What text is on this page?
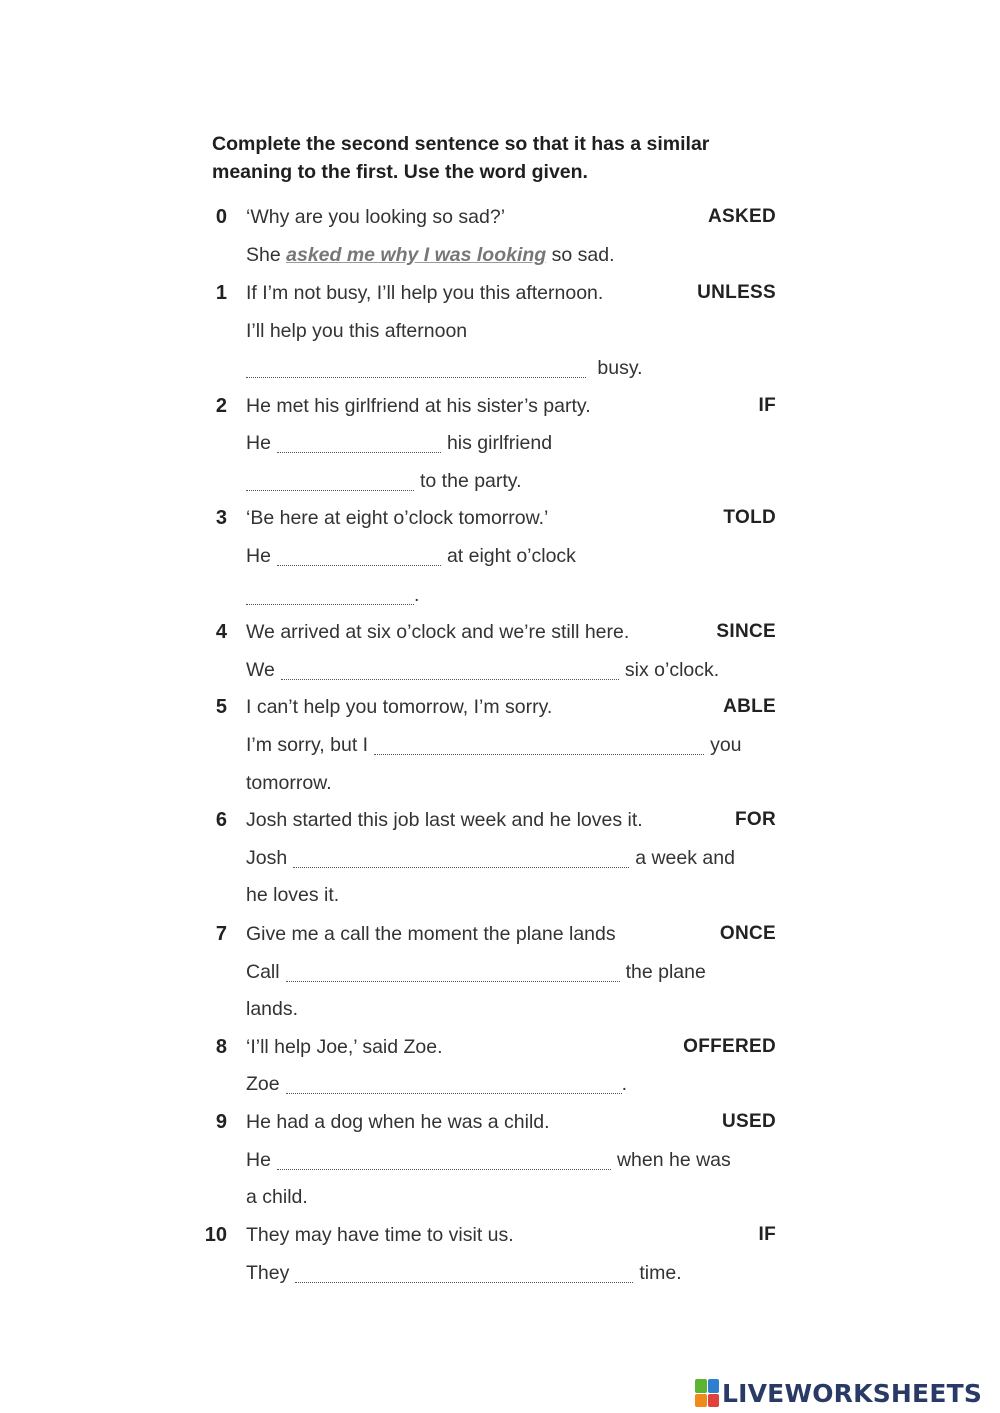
Complete the second sentence so that it has a similar meaning to the first. Use the word given.

0 ‘Why are you looking so sad?’	ASKED
She asked me why I was looking so sad.
1 If I’m not busy, I’ll help you this afternoon.	UNLESS
I’ll help you this afternoon
busy.
2 He met his girlfriend at his sister’s party.	IF
He	his girlfriend
to the party.
3 ‘Be here at eight o’clock tomorrow.’	TOLD
He	at eight o’clock
.
4 We arrived at six o’clock and we’re still here.	SINCE
We	six o’clock.
5 I can’t help you tomorrow, I’m sorry.	ABLE
I’m sorry, but I	you
tomorrow.
6 Josh started this job last week and he loves it.	FOR
Josh	a week and
he loves it.
7 Give me a call the moment the plane lands	ONCE
Call	the plane
lands.
8 ‘I’ll help Joe,’ said Zoe.	OFFERED
Zoe	.
9 He had a dog when he was a child.	USED
He	when he was
a child.
10 They may have time to visit us.	IF
They	time.
LIVEWORKSHEETS
